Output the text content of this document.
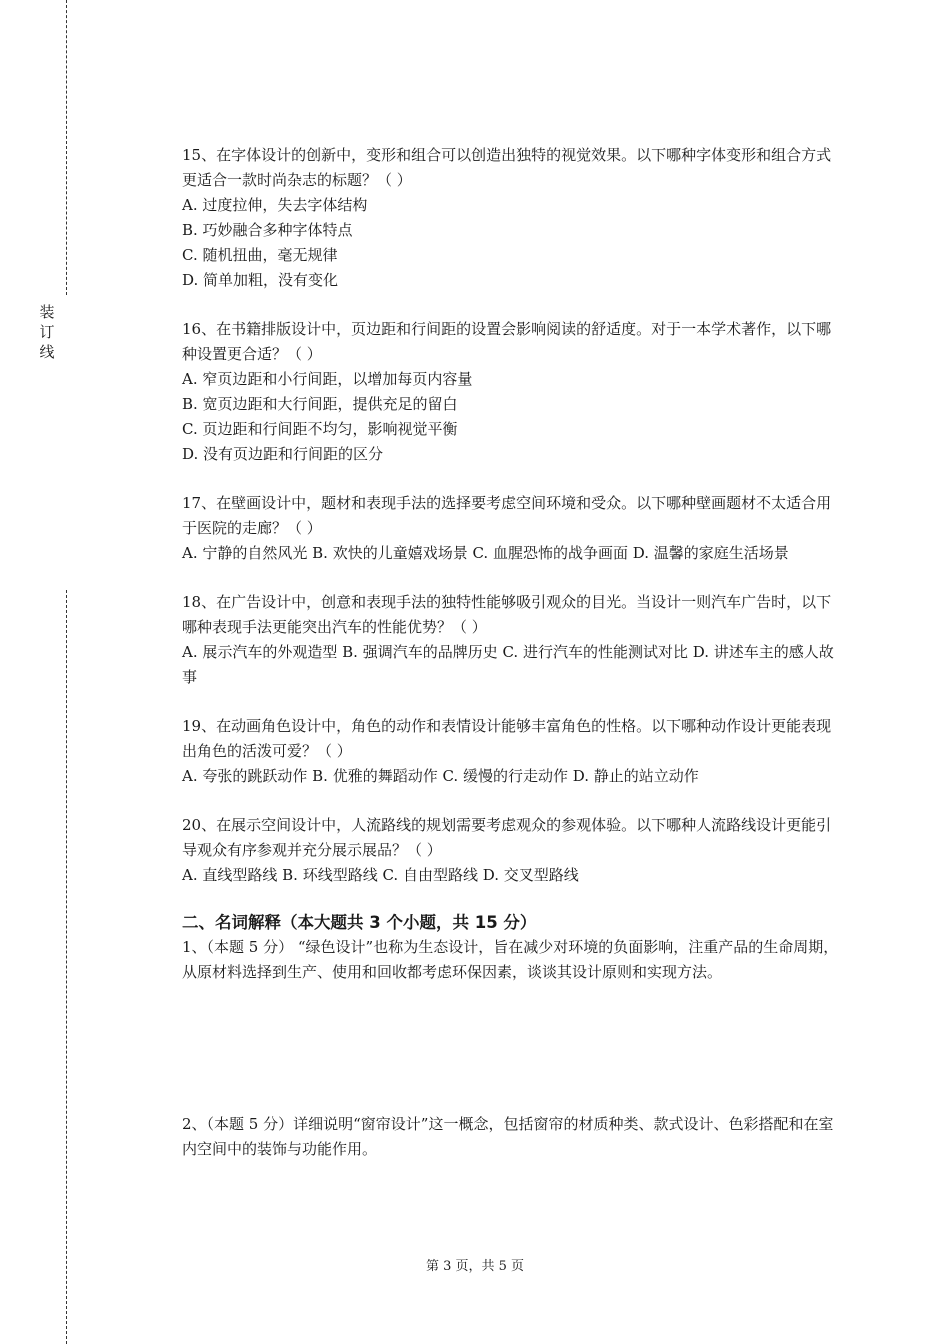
装
订
线

15、在字体设计的创新中，变形和组合可以创造出独特的视觉效果。以下哪种字体变形和组合方式更适合一款时尚杂志的标题？（ ）

A. 过度拉伸，失去字体结构

B. 巧妙融合多种字体特点

C. 随机扭曲，毫无规律

D. 简单加粗，没有变化

16、在书籍排版设计中，页边距和行间距的设置会影响阅读的舒适度。对于一本学术著作，以下哪种设置更合适？（ ）

A. 窄页边距和小行间距，以增加每页内容量

B. 宽页边距和大行间距，提供充足的留白

C. 页边距和行间距不均匀，影响视觉平衡

D. 没有页边距和行间距的区分

17、在壁画设计中，题材和表现手法的选择要考虑空间环境和受众。以下哪种壁画题材不太适合用于医院的走廊？（ ）

A. 宁静的自然风光 B. 欢快的儿童嬉戏场景 C. 血腥恐怖的战争画面 D. 温馨的家庭生活场景

18、在广告设计中，创意和表现手法的独特性能够吸引观众的目光。当设计一则汽车广告时，以下哪种表现手法更能突出汽车的性能优势？（ ）

A. 展示汽车的外观造型 B. 强调汽车的品牌历史 C. 进行汽车的性能测试对比 D. 讲述车主的感人故事

19、在动画角色设计中，角色的动作和表情设计能够丰富角色的性格。以下哪种动作设计更能表现出角色的活泼可爱？（ ）

A. 夸张的跳跃动作 B. 优雅的舞蹈动作 C. 缓慢的行走动作 D. 静止的站立动作

20、在展示空间设计中，人流路线的规划需要考虑观众的参观体验。以下哪种人流路线设计更能引导观众有序参观并充分展示展品？（ ）

A. 直线型路线 B. 环线型路线 C. 自由型路线 D. 交叉型路线

二、名词解释（本大题共 3 个小题，共 15 分）

1、（本题 5 分） “绿色设计”也称为生态设计，旨在减少对环境的负面影响，注重产品的生命周期，从原材料选择到生产、使用和回收都考虑环保因素，谈谈其设计原则和实现方法。

2、（本题 5 分）详细说明“窗帘设计”这一概念，包括窗帘的材质种类、款式设计、色彩搭配和在室内空间中的装饰与功能作用。

第 3 页，共 5 页
